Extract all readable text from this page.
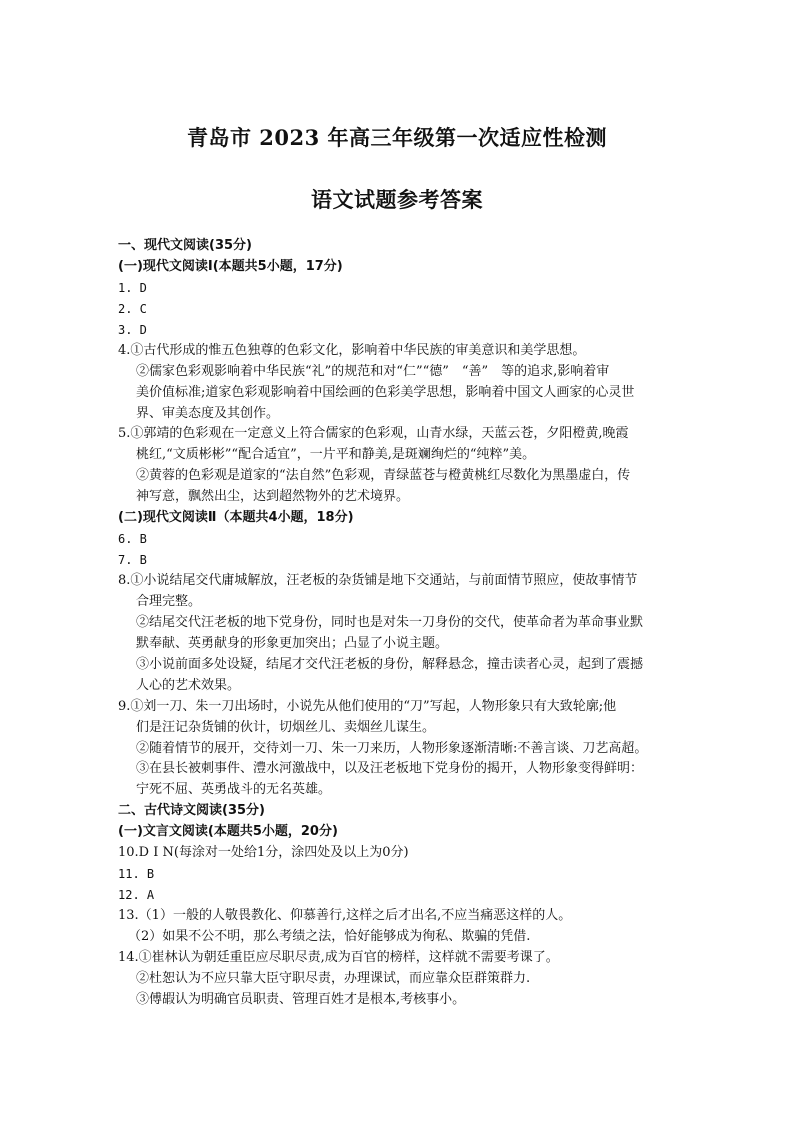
青岛市 2023 年高三年级第一次适应性检测
语文试题参考答案
一、现代文阅读(35分)
(一)现代文阅读Ⅰ(本题共5小题，17分)
1. D
2. C
3. D
4.①古代形成的惟五色独尊的色彩文化，影响着中华民族的审美意识和美学思想。
②儒家色彩观影响着中华民族“礼”的规范和对“仁”“德”　“善”　等的追求,影响着审
美价值标准;道家色彩观影响着中国绘画的色彩美学思想，影响着中国文人画家的心灵世
界、审美态度及其创作。
5.①郭靖的色彩观在一定意义上符合儒家的色彩观，山青水绿，天蓝云苍，夕阳橙黄,晚霞
桃红,“文质彬彬”“配合适宜”，一片平和静美,是斑斓绚烂的“纯粹”美。
②黄蓉的色彩观是道家的“法自然”色彩观，青绿蓝苍与橙黄桃红尽数化为黑墨虚白，传
神写意，飘然出尘，达到超然物外的艺术境界。
(二)现代文阅读Ⅱ（本题共4小题，18分)
6. B
7. B
8.①小说结尾交代庸城解放，汪老板的杂货铺是地下交通站，与前面情节照应，使故事情节
合理完整。
②结尾交代汪老板的地下党身份，同时也是对朱一刀身份的交代，使革命者为革命事业默
默奉献、英勇献身的形象更加突出；凸显了小说主题。
③小说前面多处设疑，结尾才交代汪老板的身份，解释悬念，撞击读者心灵，起到了震撼
人心的艺术效果。
9.①刘一刀、朱一刀出场时，小说先从他们使用的“刀”写起，人物形象只有大致轮廓;他
们是汪记杂货铺的伙计，切烟丝儿、卖烟丝儿谋生。
②随着情节的展开，交待刘一刀、朱一刀来历，人物形象逐渐清晰:不善言谈、刀艺高超。
③在县长被刺事件、澧水河激战中，以及汪老板地下党身份的揭开，人物形象变得鲜明：
宁死不屈、英勇战斗的无名英雄。
二、古代诗文阅读(35分)
(一)文言文阅读(本题共5小题，20分)
10.D I N(每涂对一处给1分，涂四处及以上为0分)
11. B
12. A
13.（1）一般的人敬畏教化、仰慕善行,这样之后才出名,不应当痛恶这样的人。
（2）如果不公不明，那么考绩之法，恰好能够成为徇私、欺骗的凭借.
14.①崔林认为朝廷重臣应尽职尽责,成为百官的榜样，这样就不需要考课了。
②杜恕认为不应只靠大臣守职尽责，办理课试，而应靠众臣群策群力.
③傅嘏认为明确官员职责、管理百姓才是根本,考核事小。
